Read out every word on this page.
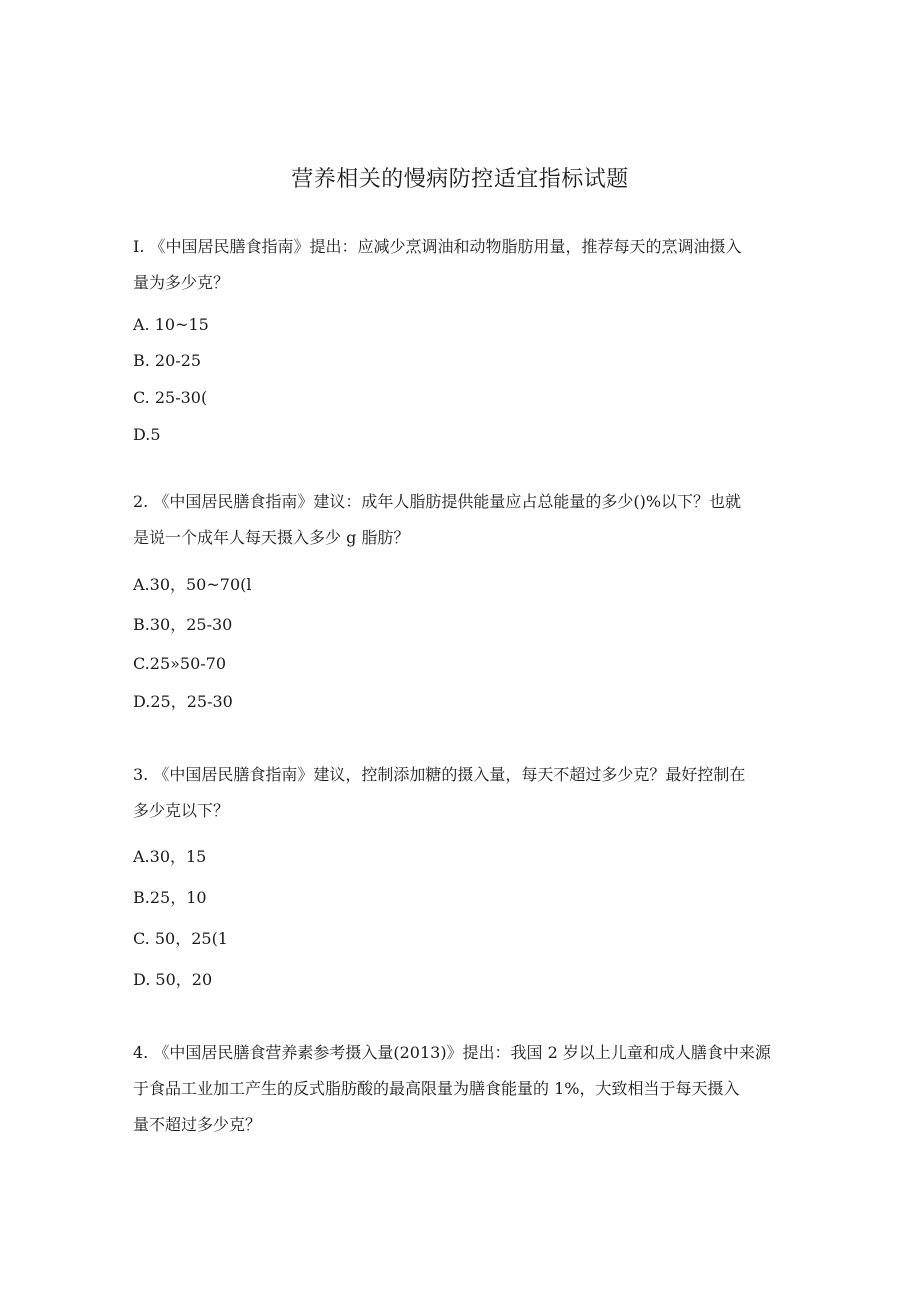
营养相关的慢病防控适宜指标试题
I. 《中国居民膳食指南》提出：应减少烹调油和动物脂肪用量，推荐每天的烹调油摄入
量为多少克？
A. 10~15
B. 20-25
C. 25-30(
D.5
2. 《中国居民膳食指南》建议：成年人脂肪提供能量应占总能量的多少()%以下？也就
是说一个成年人每天摄入多少 g 脂肪？
A.30，50~70(l
B.30，25-30
C.25»50-70
D.25，25-30
3. 《中国居民膳食指南》建议，控制添加糖的摄入量，每天不超过多少克？最好控制在
多少克以下？
A.30，15
B.25，10
C. 50，25(1
D. 50，20
4. 《中国居民膳食营养素参考摄入量(2013)》提出：我国 2 岁以上儿童和成人膳食中来源
于食品工业加工产生的反式脂肪酸的最高限量为膳食能量的 1%，大致相当于每天摄入
量不超过多少克？
